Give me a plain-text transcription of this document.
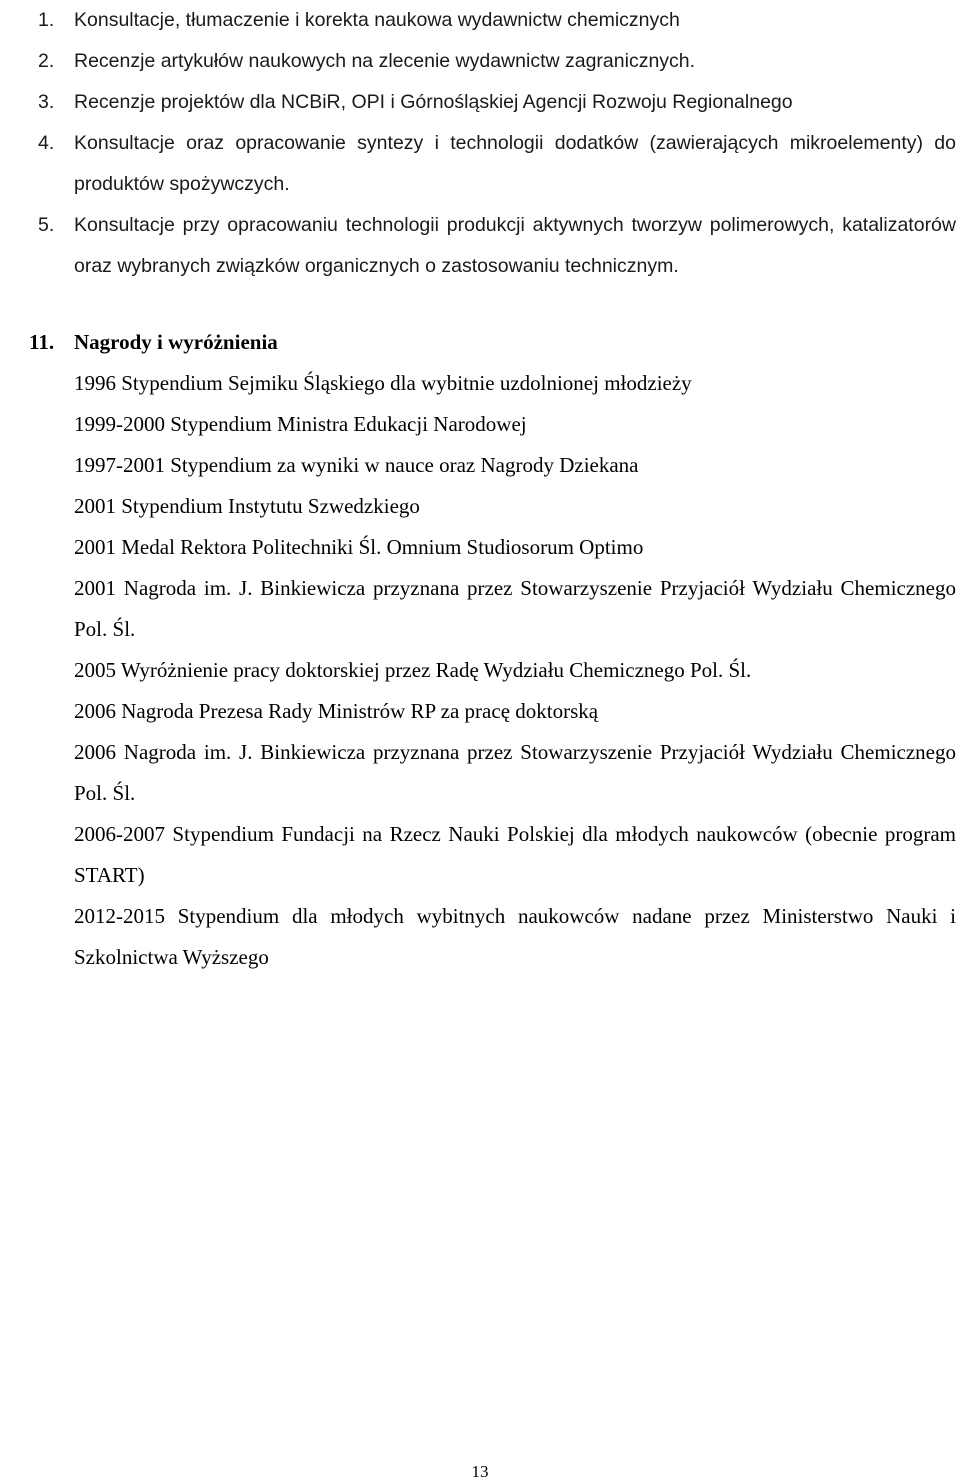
1. Konsultacje, tłumaczenie i korekta naukowa wydawnictw chemicznych
2. Recenzje artykułów naukowych na zlecenie wydawnictw zagranicznych.
3. Recenzje projektów dla NCBiR, OPI i Górnośląskiej Agencji Rozwoju Regionalnego
4. Konsultacje oraz opracowanie syntezy i technologii dodatków (zawierających mikroelementy) do produktów spożywczych.
5. Konsultacje przy opracowaniu technologii produkcji aktywnych tworzyw polimerowych, katalizatorów oraz wybranych związków organicznych o zastosowaniu technicznym.
11. Nagrody i wyróżnienia
1996 Stypendium Sejmiku Śląskiego dla wybitnie uzdolnionej młodzieży
1999-2000 Stypendium Ministra Edukacji Narodowej
1997-2001 Stypendium za wyniki w nauce oraz Nagrody Dziekana
2001 Stypendium Instytutu Szwedzkiego
2001 Medal Rektora Politechniki Śl. Omnium Studiosorum Optimo
2001 Nagroda im. J. Binkiewicza przyznana przez Stowarzyszenie Przyjaciół Wydziału Chemicznego Pol. Śl.
2005 Wyróżnienie pracy doktorskiej przez Radę Wydziału Chemicznego Pol. Śl.
2006 Nagroda Prezesa Rady Ministrów RP za pracę doktorską
2006 Nagroda im. J. Binkiewicza przyznana przez Stowarzyszenie Przyjaciół Wydziału Chemicznego Pol. Śl.
2006-2007 Stypendium Fundacji na Rzecz Nauki Polskiej dla młodych naukowców (obecnie program START)
2012-2015 Stypendium dla młodych wybitnych naukowców nadane przez Ministerstwo Nauki i Szkolnictwa Wyższego
13
